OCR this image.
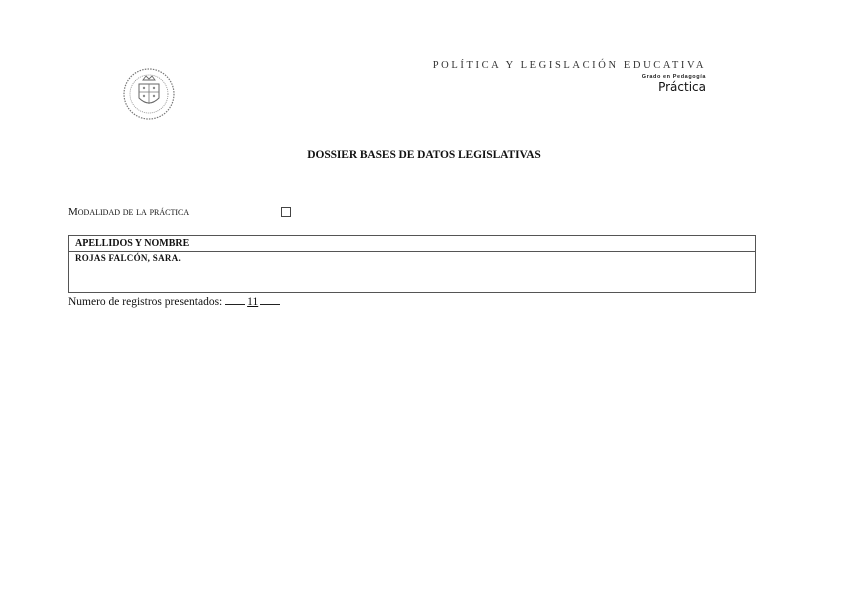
POLÍTICA Y LEGISLACIÓN EDUCATIVA
Grado en Pedagogía
Práctica
DOSSIER BASES DE DATOS LEGISLATIVAS
Modalidad de la práctica
APELLIDOS Y NOMBRE
ROJAS FALCÓN, SARA.
Numero de registros presentados: 11
